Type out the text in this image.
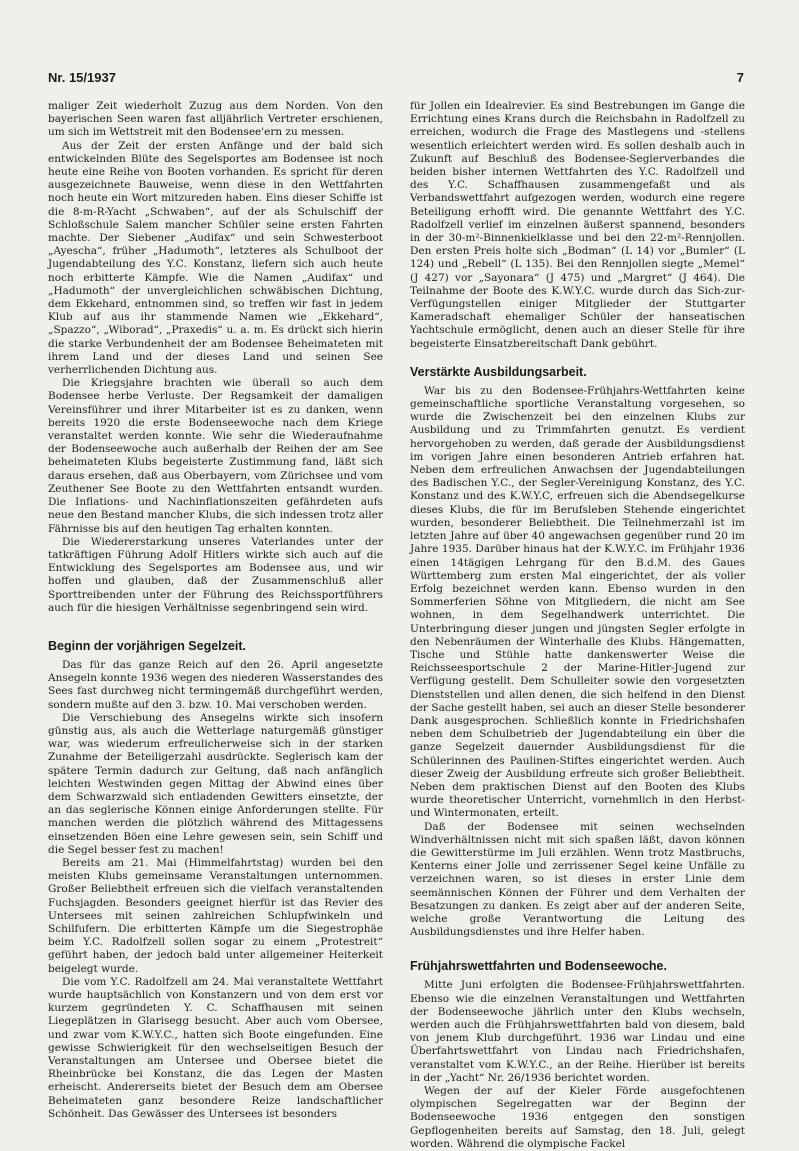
Nr. 15/1937	7

maliger Zeit wiederholt Zuzug aus dem Norden. Von den bayerischen Seen waren fast alljährlich Vertreter erschienen, um sich im Wettstreit mit den Bodensee'ern zu messen.

Aus der Zeit der ersten Anfänge und der bald sich entwickelnden Blüte des Segelsportes am Bodensee ist noch heute eine Reihe von Booten vorhanden. Es spricht für deren ausgezeichnete Bauweise, wenn diese in den Wettfahrten noch heute ein Wort mitzureden haben. Eins dieser Schiffe ist die 8-m-R-Yacht „Schwaben“, auf der als Schulschiff der Schloßschule Salem mancher Schüler seine ersten Fahrten machte. Der Siebener „Audifax“ und sein Schwesterboot „Ayescha“, früher „Hadumoth“, letzteres als Schulboot der Jugendabteilung des Y.C. Konstanz, liefern sich auch heute noch erbitterte Kämpfe. Wie die Namen „Audifax“ und „Hadumoth“ der unvergleichlichen schwäbischen Dichtung, dem Ekkehard, entnommen sind, so treffen wir fast in jedem Klub auf aus ihr stammende Namen wie „Ekkehard“, „Spazzo“, „Wiborad“, „Praxedis“ u. a. m. Es drückt sich hierin die starke Verbundenheit der am Bodensee Beheimateten mit ihrem Land und der dieses Land und seinen See verherrlichenden Dichtung aus.

Die Kriegsjahre brachten wie überall so auch dem Bodensee herbe Verluste. Der Regsamkeit der damaligen Vereinsführer und ihrer Mitarbeiter ist es zu danken, wenn bereits 1920 die erste Bodenseewoche nach dem Kriege veranstaltet werden konnte. Wie sehr die Wiederaufnahme der Bodenseewoche auch außerhalb der Reihen der am See beheimateten Klubs begeisterte Zustimmung fand, läßt sich daraus ersehen, daß aus Oberbayern, vom Zürichsee und vom Zeuthener See Boote zu den Wettfahrten entsandt wurden. Die Inflations- und Nachinflationszeiten gefährdeten aufs neue den Bestand mancher Klubs, die sich indessen trotz aller Fährnisse bis auf den heutigen Tag erhalten konnten.

Die Wiedererstarkung unseres Vaterlandes unter der tatkräftigen Führung Adolf Hitlers wirkte sich auch auf die Entwicklung des Segelsportes am Bodensee aus, und wir hoffen und glauben, daß der Zusammenschluß aller Sporttreibenden unter der Führung des Reichssportführers auch für die hiesigen Verhältnisse segenbringend sein wird.

Beginn der vorjährigen Segelzeit.

Das für das ganze Reich auf den 26. April angesetzte Ansegeln konnte 1936 wegen des niederen Wasserstandes des Sees fast durchweg nicht termingemäß durchgeführt werden, sondern mußte auf den 3. bzw. 10. Mai verschoben werden.

Die Verschiebung des Ansegelns wirkte sich insofern günstig aus, als auch die Wetterlage naturgemäß günstiger war, was wiederum erfreulicherweise sich in der starken Zunahme der Beteiligerzahl ausdrückte. Seglerisch kam der spätere Termin dadurch zur Geltung, daß nach anfänglich leichten Westwinden gegen Mittag der Abwind eines über dem Schwarzwald sich entladenden Gewitters einsetzte, der an das seglerische Können einige Anforderungen stellte. Für manchen werden die plötzlich während des Mittagessens einsetzenden Böen eine Lehre gewesen sein, sein Schiff und die Segel besser fest zu machen!

Bereits am 21. Mai (Himmelfahrtstag) wurden bei den meisten Klubs gemeinsame Veranstaltungen unternommen. Großer Beliebtheit erfreuen sich die vielfach veranstaltenden Fuchsjagden. Besonders geeignet hierfür ist das Revier des Untersees mit seinen zahlreichen Schlupfwinkeln und Schilfufern. Die erbitterten Kämpfe um die Siegestrophäe beim Y.C. Radolfzell sollen sogar zu einem „Protestreit“ geführt haben, der jedoch bald unter allgemeiner Heiterkeit beigelegt wurde.

Die vom Y.C. Radolfzell am 24. Mai veranstaltete Wettfahrt wurde hauptsächlich von Konstanzern und von dem erst vor kurzem gegründeten Y. C. Schaffhausen mit seinen Liegeplätzen in Glarisegg besucht. Aber auch vom Obersee, und zwar vom K.W.Y.C., hatten sich Boote eingefunden. Eine gewisse Schwierigkeit für den wechselseitigen Besuch der Veranstaltungen am Untersee und Obersee bietet die Rheinbrücke bei Konstanz, die das Legen der Masten erheischt. Andererseits bietet der Besuch dem am Obersee Beheimateten ganz besondere Reize landschaftlicher Schönheit. Das Gewässer des Untersees ist besonders

für Jollen ein Idealrevier. Es sind Bestrebungen im Gange die Errichtung eines Krans durch die Reichsbahn in Radolfzell zu erreichen, wodurch die Frage des Mastlegens und -stellens wesentlich erleichtert werden wird. Es sollen deshalb auch in Zukunft auf Beschluß des Bodensee-Seglerverbandes die beiden bisher internen Wettfahrten des Y.C. Radolfzell und des Y.C. Schaffhausen zusammengefaßt und als Verbandswettfahrt aufgezogen werden, wodurch eine regere Beteiligung erhofft wird. Die genannte Wettfahrt des Y.C. Radolfzell verlief im einzelnen äußerst spannend, besonders in der 30-m²-Binnenkielklasse und bei den 22-m²-Rennjollen. Den ersten Preis holte sich „Bodman“ (L 14) vor „Bumler“ (L 124) und „Rebell“ (L 135). Bei den Rennjollen siegte „Memel“ (J 427) vor „Sayonara“ (J 475) und „Margret“ (J 464). Die Teilnahme der Boote des K.W.Y.C. wurde durch das Sich-zur-Verfügungstellen einiger Mitglieder der Stuttgarter Kameradschaft ehemaliger Schüler der hanseatischen Yachtschule ermöglicht, denen auch an dieser Stelle für ihre begeisterte Einsatzbereitschaft Dank gebührt.

Verstärkte Ausbildungsarbeit.

War bis zu den Bodensee-Frühjahrs-Wettfahrten keine gemeinschaftliche sportliche Veranstaltung vorgesehen, so wurde die Zwischenzeit bei den einzelnen Klubs zur Ausbildung und zu Trimmfahrten genutzt. Es verdient hervorgehoben zu werden, daß gerade der Ausbildungsdienst im vorigen Jahre einen besonderen Antrieb erfahren hat. Neben dem erfreulichen Anwachsen der Jugendabteilungen des Badischen Y.C., der Segler-Vereinigung Konstanz, des Y.C. Konstanz und des K.W.Y.C, erfreuen sich die Abendsegelkurse dieses Klubs, die für im Berufsleben Stehende eingerichtet wurden, besonderer Beliebtheit. Die Teilnehmerzahl ist im letzten Jahre auf über 40 angewachsen gegenüber rund 20 im Jahre 1935. Darüber hinaus hat der K.W.Y.C. im Frühjahr 1936 einen 14tägigen Lehrgang für den B.d.M. des Gaues Württemberg zum ersten Mal eingerichtet, der als voller Erfolg bezeichnet werden kann. Ebenso wurden in den Sommerferien Söhne von Mitgliedern, die nicht am See wohnen, in dem Segelhandwerk unterrichtet. Die Unterbringung dieser jungen und jüngsten Segler erfolgte in den Nebenräumen der Winterhalle des Klubs. Hängematten, Tische und Stühle hatte dankenswerter Weise die Reichsseesportschule 2 der Marine-Hitler-Jugend zur Verfügung gestellt. Dem Schulleiter sowie den vorgesetzten Dienststellen und allen denen, die sich helfend in den Dienst der Sache gestellt haben, sei auch an dieser Stelle besonderer Dank ausgesprochen. Schließlich konnte in Friedrichshafen neben dem Schulbetrieb der Jugendabteilung ein über die ganze Segelzeit dauernder Ausbildungsdienst für die Schülerinnen des Paulinen-Stiftes eingerichtet werden. Auch dieser Zweig der Ausbildung erfreute sich großer Beliebtheit. Neben dem praktischen Dienst auf den Booten des Klubs wurde theoretischer Unterricht, vornehmlich in den Herbst- und Wintermonaten, erteilt.

Daß der Bodensee mit seinen wechselnden Windverhältnissen nicht mit sich spaßen läßt, davon können die Gewitterstürme im Juli erzählen. Wenn trotz Mastbruchs, Kenterns einer Jolle und zerrissener Segel keine Unfälle zu verzeichnen waren, so ist dieses in erster Linie dem seemännischen Können der Führer und dem Verhalten der Besatzungen zu danken. Es zeigt aber auf der anderen Seite, welche große Verantwortung die Leitung des Ausbildungsdienstes und ihre Helfer haben.

Frühjahrswettfahrten und Bodenseewoche.

Mitte Juni erfolgten die Bodensee-Frühjahrswettfahrten. Ebenso wie die einzelnen Veranstaltungen und Wettfahrten der Bodenseewoche jährlich unter den Klubs wechseln, werden auch die Frühjahrswettfahrten bald von diesem, bald von jenem Klub durchgeführt. 1936 war Lindau und eine Überfahrtswettfahrt von Lindau nach Friedrichshafen, veranstaltet vom K.W.Y.C., an der Reihe. Hierüber ist bereits in der „Yacht“ Nr. 26/1936 berichtet worden.

Wegen der auf der Kieler Förde ausgefochtenen olympischen Segelregatten war der Beginn der Bodenseewoche 1936 entgegen den sonstigen Gepflogenheiten bereits auf Samstag, den 18. Juli, gelegt worden. Während die olympische Fackel
